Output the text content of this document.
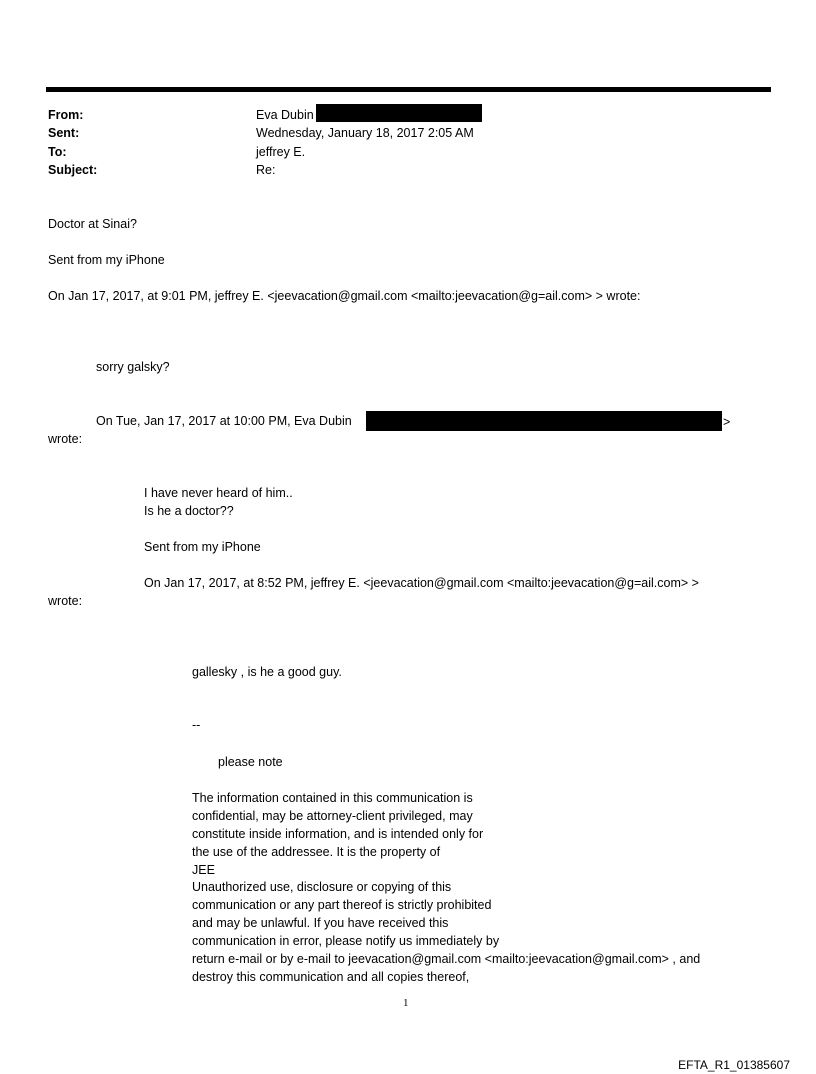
From:	Eva Dubin
Sent:	Wednesday, January 18, 2017 2:05 AM
To:	jeffrey E.
Subject:	Re:
Doctor at Sinai?
Sent from my iPhone
On Jan 17, 2017, at 9:01 PM, jeffrey E. <jeevacation@gmail.com <mailto:jeevacation@g=ail.com> > wrote:
sorry galsky?
On Tue, Jan 17, 2017 at 10:00 PM, Eva Dubin	>
wrote:
I have never heard of him..
Is he a doctor??
Sent from my iPhone
On Jan 17, 2017, at 8:52 PM, jeffrey E. <jeevacation@gmail.com <mailto:jeevacation@g=ail.com> >
wrote:
gallesky , is he a good guy.
--
please note
The information contained in this communication is
confidential, may be attorney-client privileged, may
constitute inside information, and is intended only for
the use of the addressee. It is the property of
JEE
Unauthorized use, disclosure or copying of this
communication or any part thereof is strictly prohibited
and may be unlawful. If you have received this
communication in error, please notify us immediately by
return e-mail or by e-mail to jeevacation@gmail.com <mailto:jeevacation@gmail.com> , and
destroy this communication and all copies thereof,
1
EFTA_R1_01385607
